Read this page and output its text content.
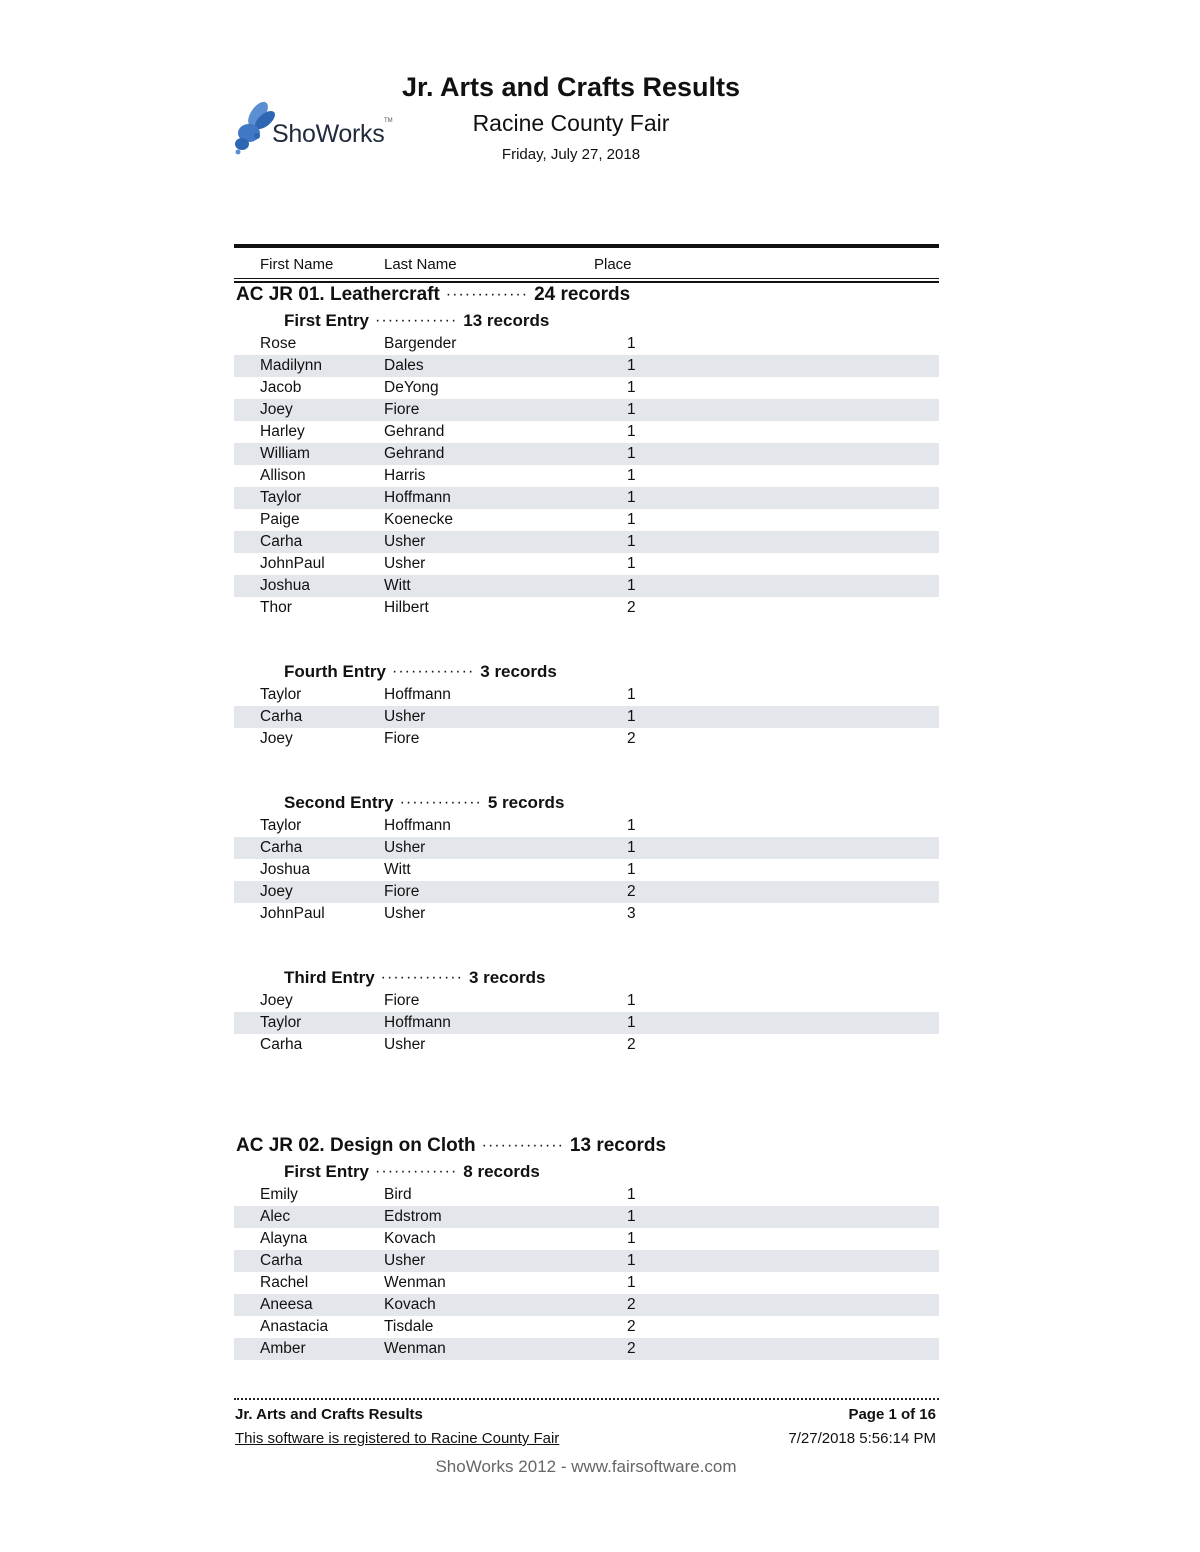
Jr. Arts and Crafts Results
Racine County Fair
Friday, July 27, 2018
ShoWorks TM
First Name	Last Name	Place
AC JR 01. Leathercraft ············· 24 records
First Entry ············· 13 records
Rose	Bargender	1
Madilynn	Dales	1
Jacob	DeYong	1
Joey	Fiore	1
Harley	Gehrand	1
William	Gehrand	1
Allison	Harris	1
Taylor	Hoffmann	1
Paige	Koenecke	1
Carha	Usher	1
JohnPaul	Usher	1
Joshua	Witt	1
Thor	Hilbert	2
Fourth Entry ············· 3 records
Taylor	Hoffmann	1
Carha	Usher	1
Joey	Fiore	2
Second Entry ············· 5 records
Taylor	Hoffmann	1
Carha	Usher	1
Joshua	Witt	1
Joey	Fiore	2
JohnPaul	Usher	3
Third Entry ············· 3 records
Joey	Fiore	1
Taylor	Hoffmann	1
Carha	Usher	2
AC JR 02. Design on Cloth ············· 13 records
First Entry ············· 8 records
Emily	Bird	1
Alec	Edstrom	1
Alayna	Kovach	1
Carha	Usher	1
Rachel	Wenman	1
Aneesa	Kovach	2
Anastacia	Tisdale	2
Amber	Wenman	2
Jr. Arts and Crafts Results	Page 1 of 16
This software is registered to Racine County Fair	7/27/2018 5:56:14 PM
ShoWorks 2012 - www.fairsoftware.com
